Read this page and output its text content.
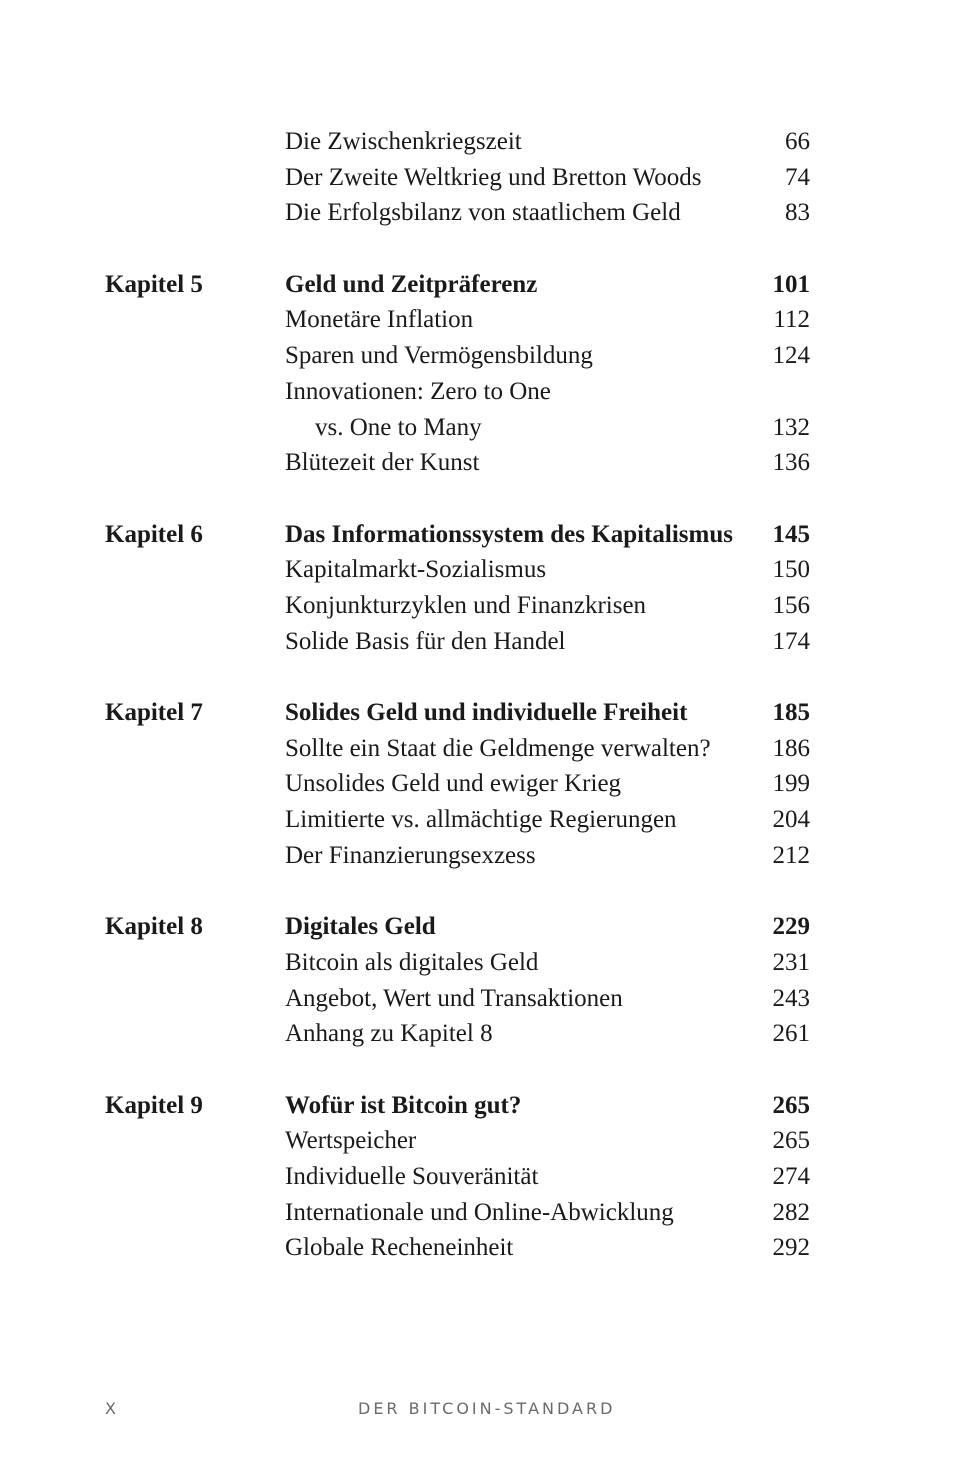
Die Zwischenkriegszeit	66
Der Zweite Weltkrieg und Bretton Woods	74
Die Erfolgsbilanz von staatlichem Geld	83
Kapitel 5	Geld und Zeitpräferenz	101
Monetäre Inflation	112
Sparen und Vermögensbildung	124
Innovationen: Zero to One
vs. One to Many	132
Blütezeit der Kunst	136
Kapitel 6	Das Informationssystem des Kapitalismus 145
Kapitalmarkt-Sozialismus	150
Konjunkturzyklen und Finanzkrisen	156
Solide Basis für den Handel	174
Kapitel 7	Solides Geld und individuelle Freiheit	185
Sollte ein Staat die Geldmenge verwalten? 186
Unsolides Geld und ewiger Krieg	199
Limitierte vs. allmächtige Regierungen	204
Der Finanzierungsexzess	212
Kapitel 8	Digitales Geld	229
Bitcoin als digitales Geld	231
Angebot, Wert und Transaktionen	243
Anhang zu Kapitel 8	261
Kapitel 9	Wofür ist Bitcoin gut?	265
Wertspeicher	265
Individuelle Souveränität	274
Internationale und Online-Abwicklung	282
Globale Recheneinheit	292
X	DER BITCOIN-STANDARD
